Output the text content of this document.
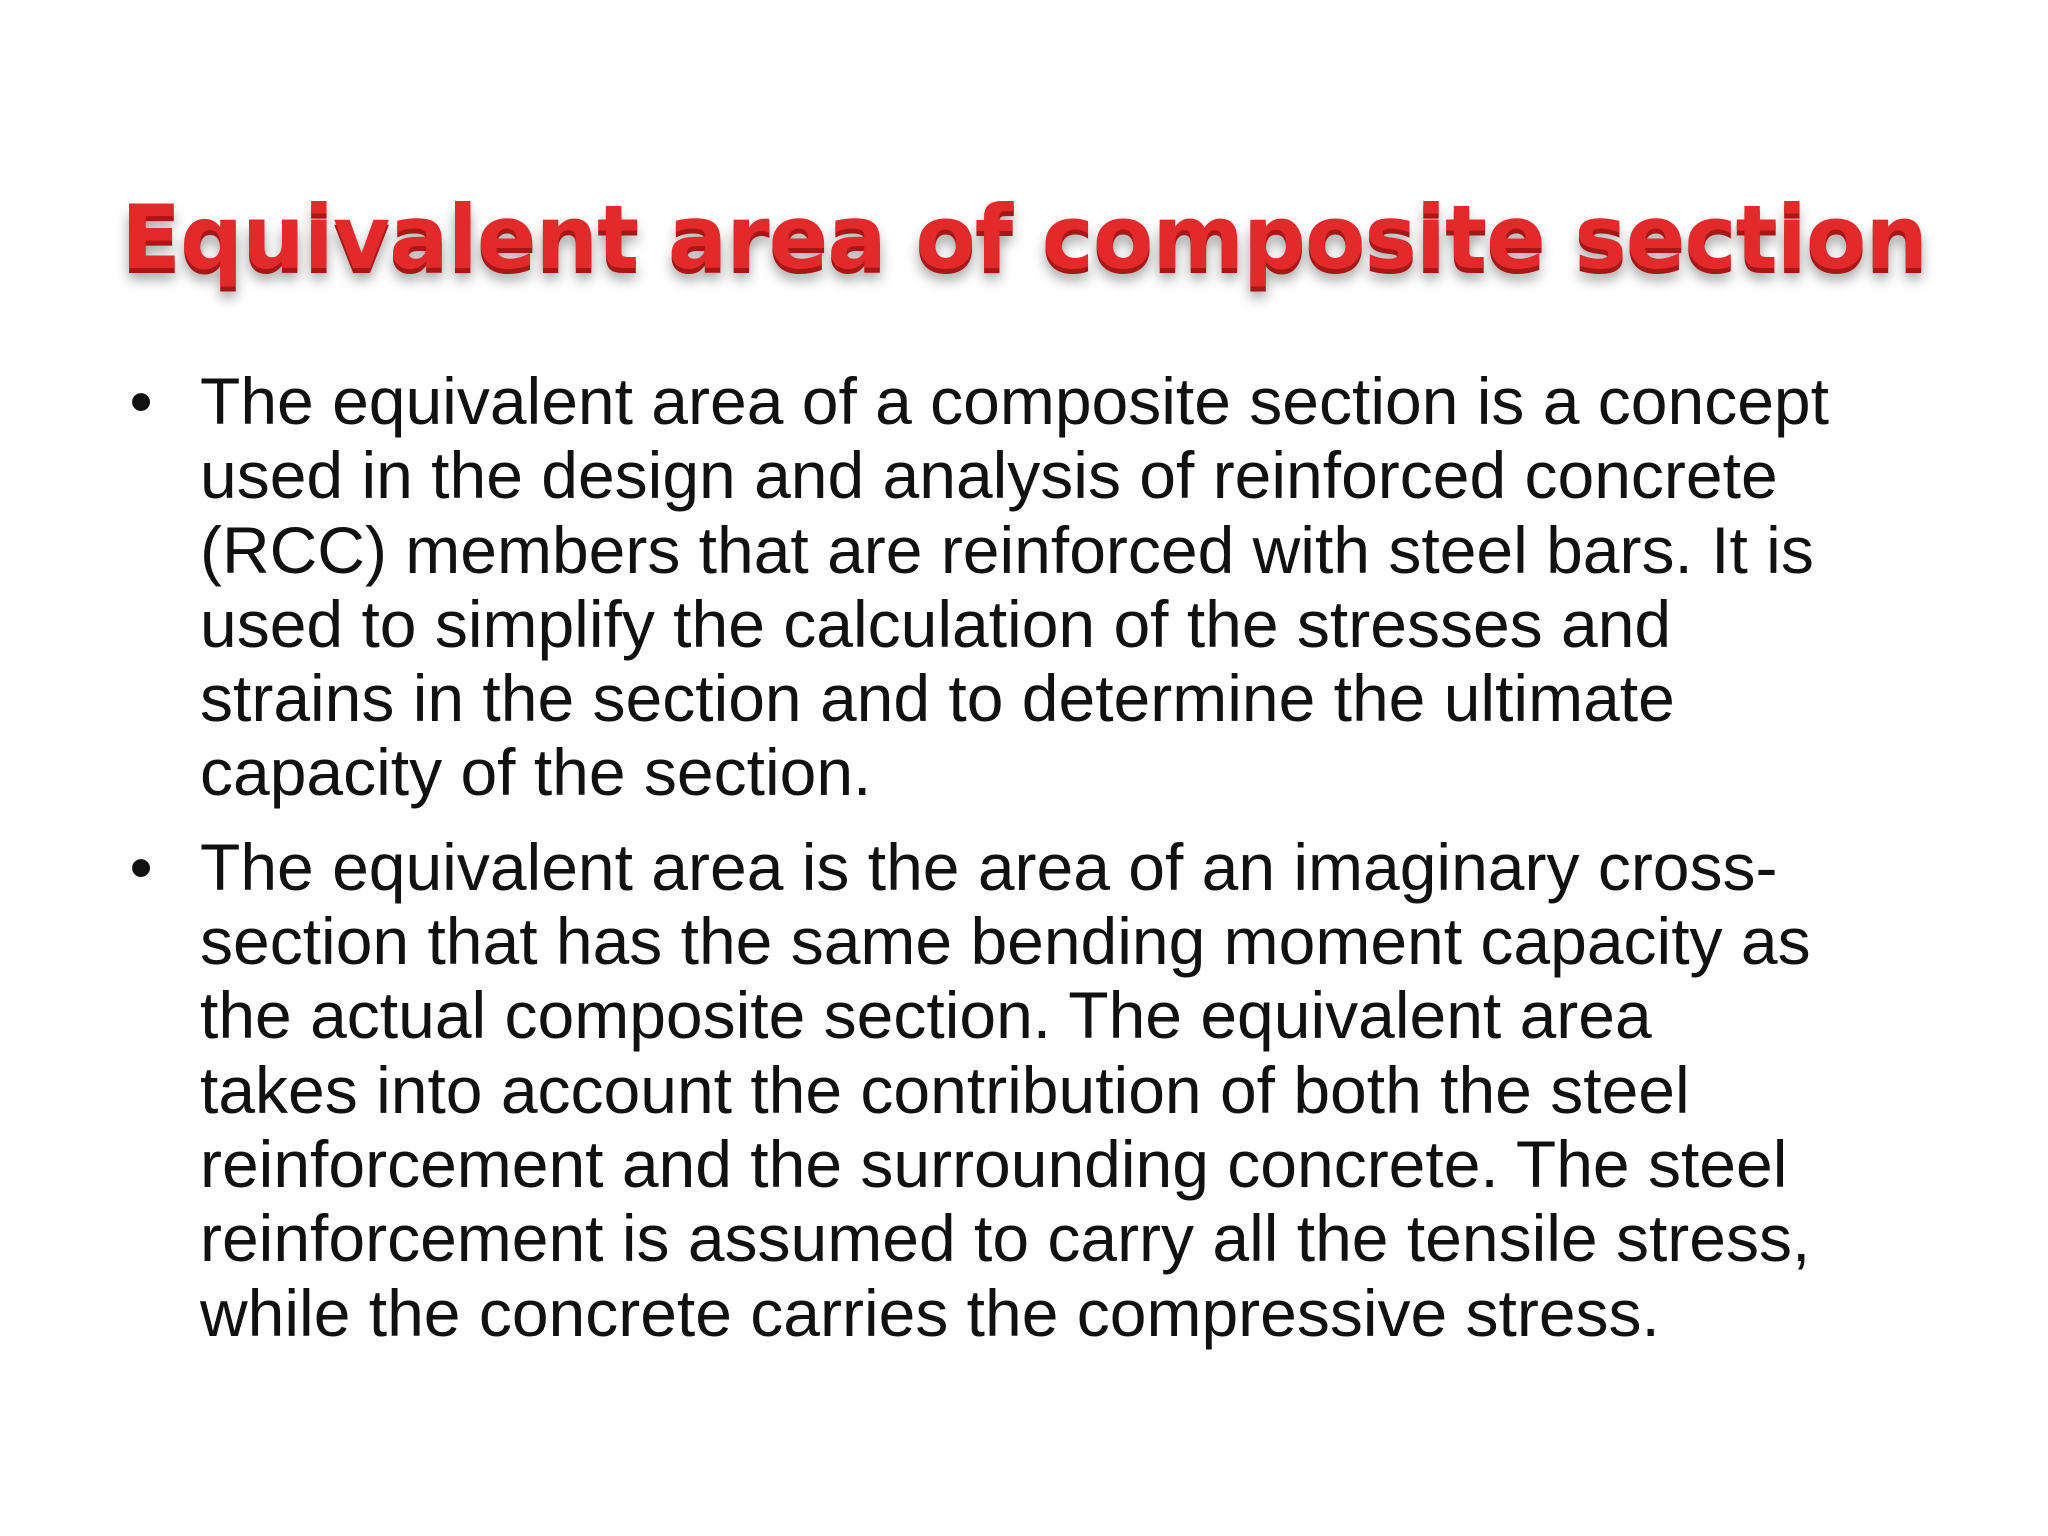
Equivalent area of composite section
• The equivalent area of a composite section is a concept
used in the design and analysis of reinforced concrete
(RCC) members that are reinforced with steel bars. It is
used to simplify the calculation of the stresses and
strains in the section and to determine the ultimate
capacity of the section.
• The equivalent area is the area of an imaginary cross-
section that has the same bending moment capacity as
the actual composite section. The equivalent area
takes into account the contribution of both the steel
reinforcement and the surrounding concrete. The steel
reinforcement is assumed to carry all the tensile stress,
while the concrete carries the compressive stress.
